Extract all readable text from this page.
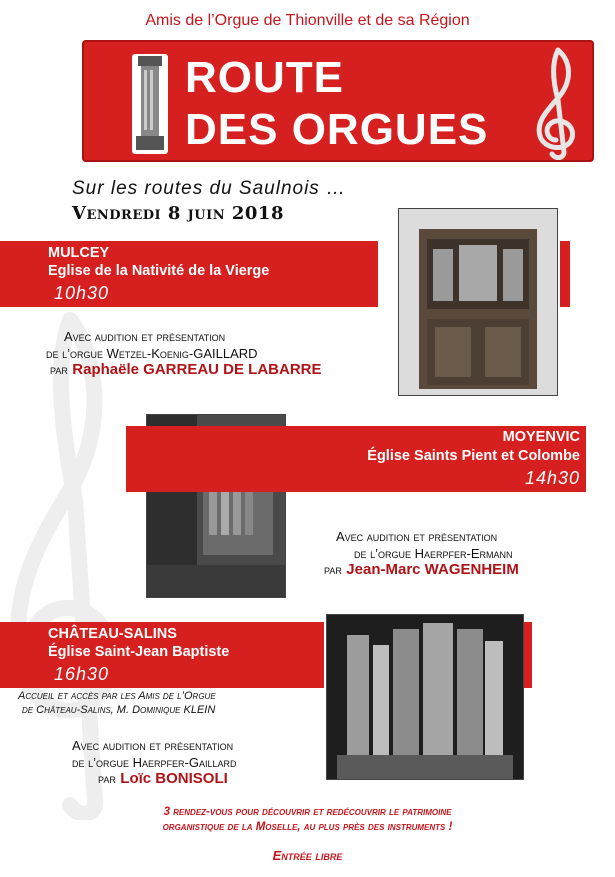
Amis de l’Orgue de Thionville et de sa Région
ROUTE
DES ORGUES
Sur les routes du Saulnois …
Vendredi 8 juin 2018
MULCEY
Eglise de la Nativité de la Vierge
10h30
Avec audition et présentation
de l’orgue Wetzel-Koenig-GAILLARD
par Raphaële GARREAU DE LABARRE
MOYENVIC
Église Saints Pient et Colombe
14h30
Avec audition et présentation
de l’orgue Haerpfer-Ermann
par Jean-Marc WAGENHEIM
CHÂTEAU-SALINS
Église Saint-Jean Baptiste
16h30
Accueil et accès par les Amis de l’Orgue
de Château-Salins, M. Dominique KLEIN
Avec audition et présentation
de l’orgue Haerpfer-Gaillard
par Loïc BONISOLI
3 rendez-vous pour découvrir et redécouvrir le patrimoine
organistique de la Moselle, au plus près des instruments !
Entrée libre
